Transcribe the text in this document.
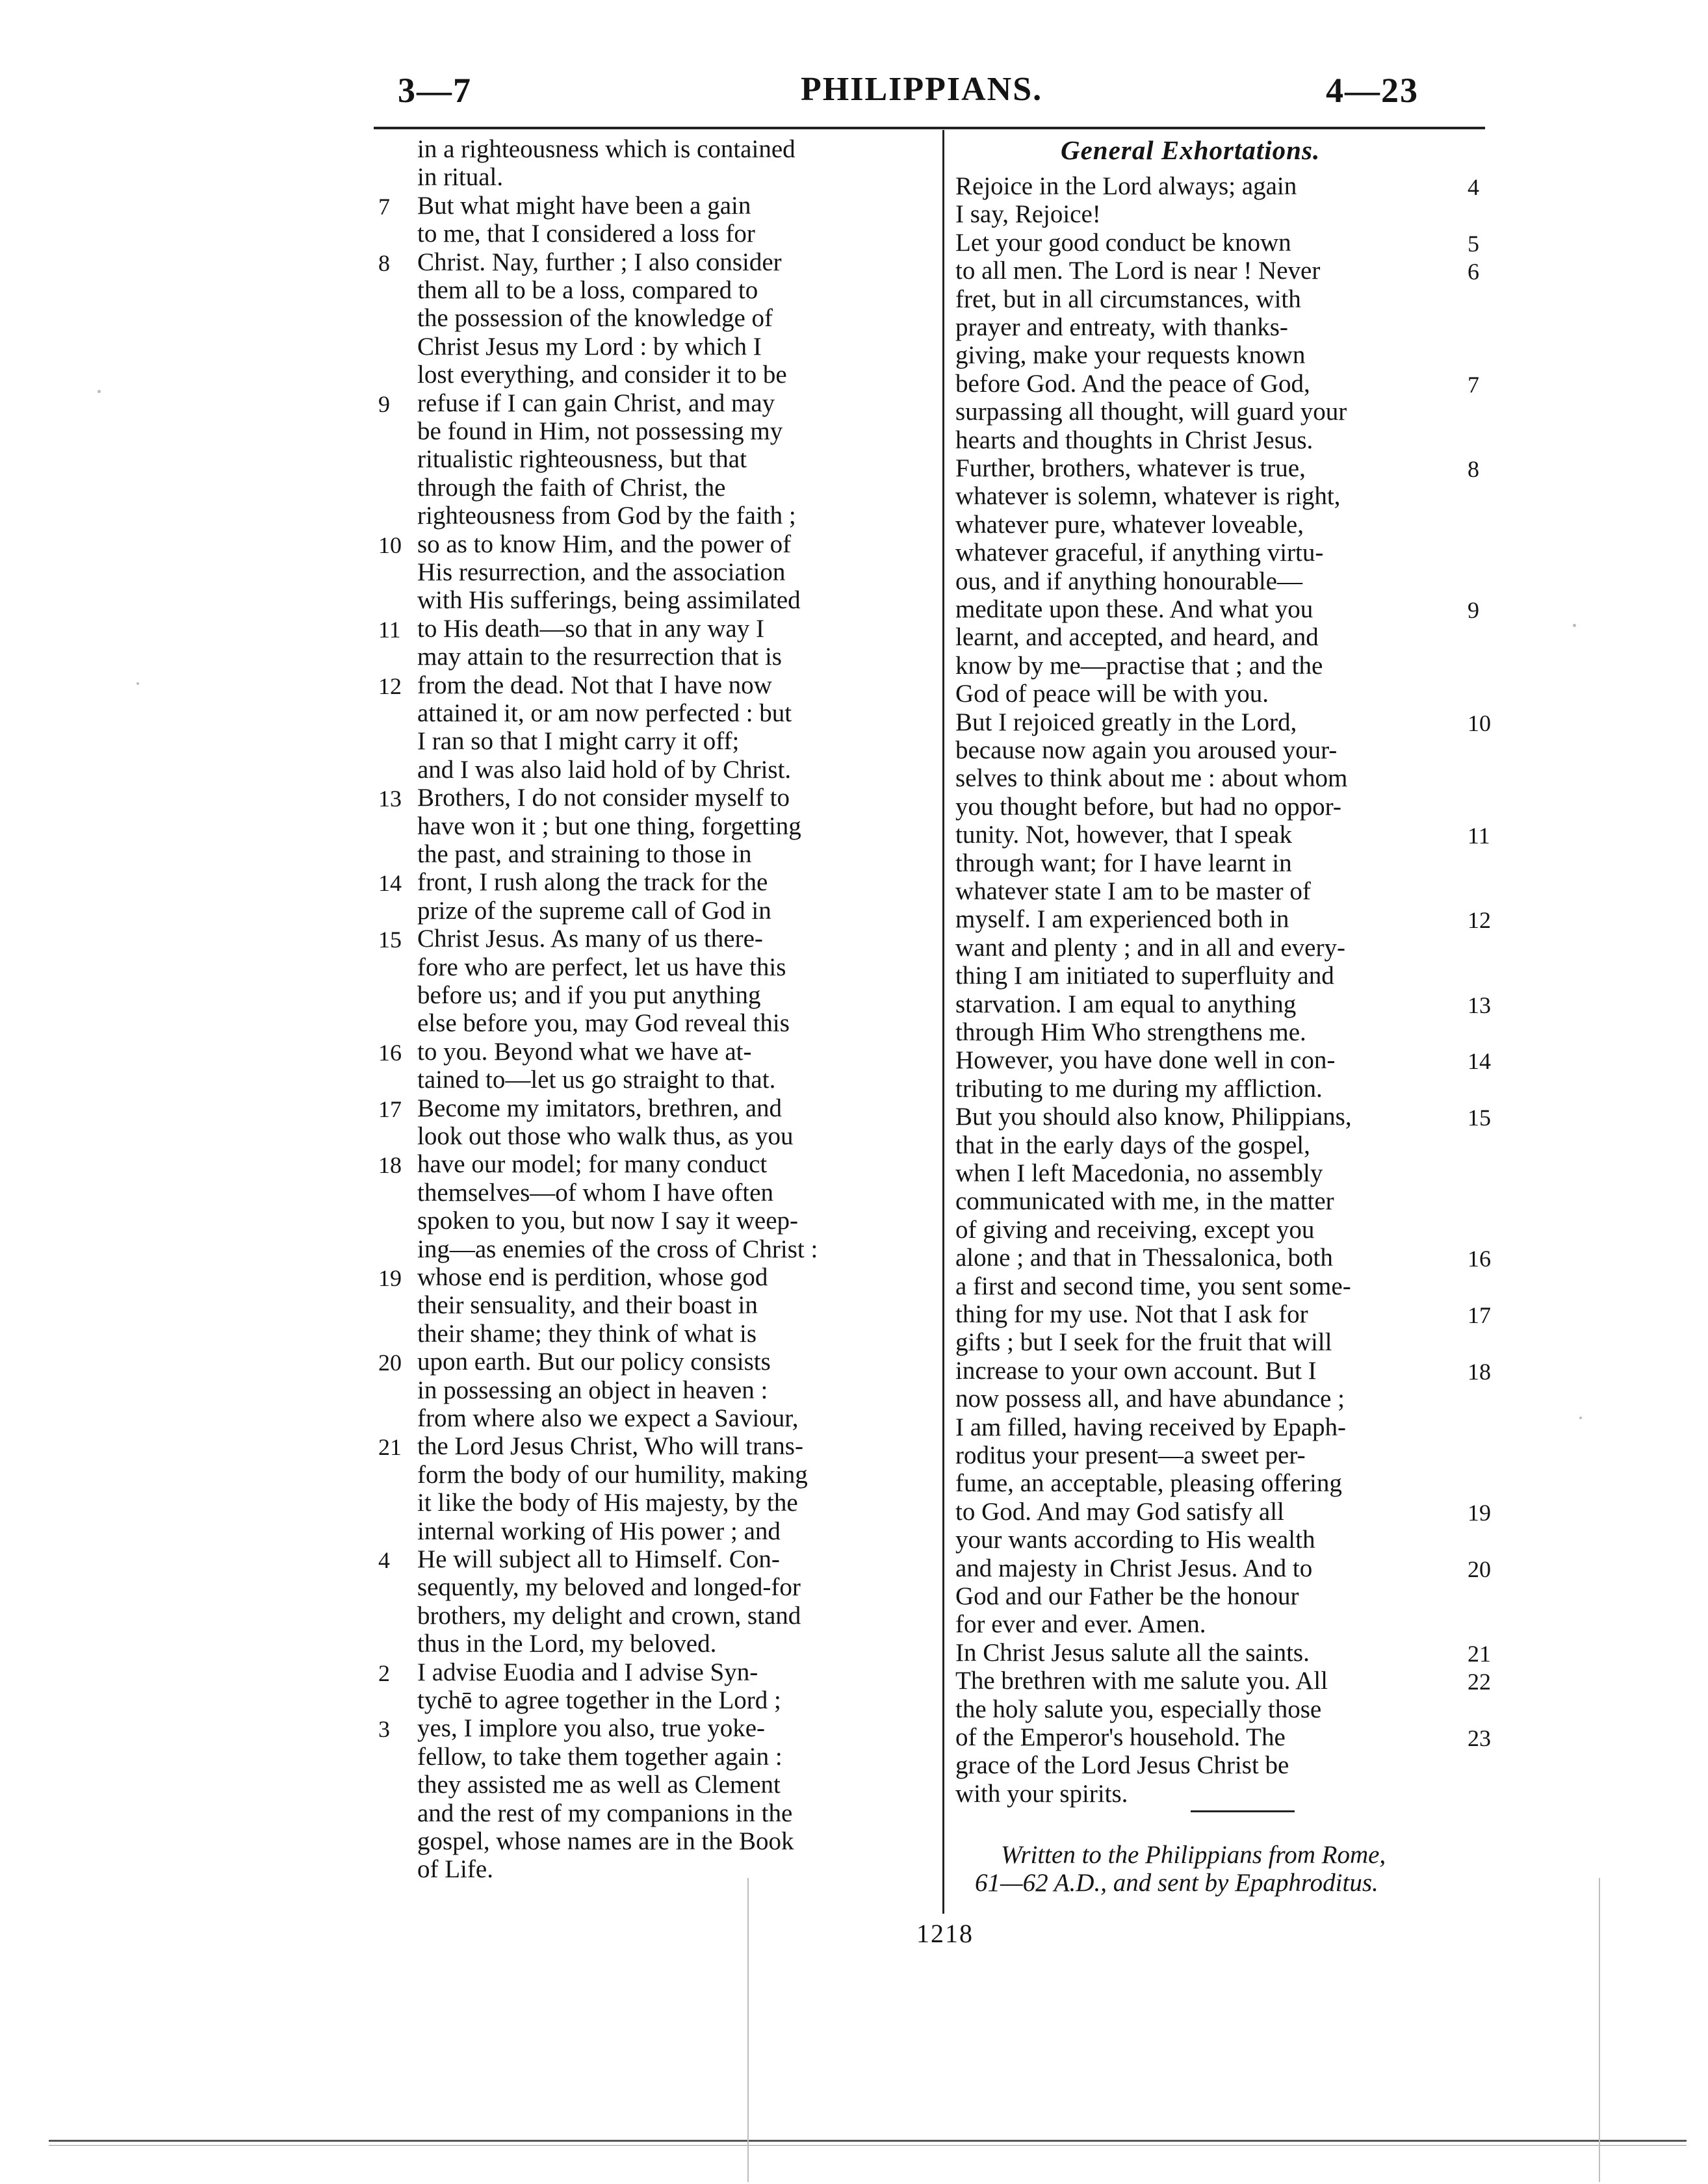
3—7	PHILIPPIANS.	4—23
in a righteousness which is contained
in ritual.
But what might have been a gain
7
to me, that I considered a loss for
Christ. Nay, further ; I also consider
8
them all to be a loss, compared to
the possession of the knowledge of
Christ Jesus my Lord : by which I
lost everything, and consider it to be
refuse if I can gain Christ, and may
9
be found in Him, not possessing my
ritualistic righteousness, but that
through the faith of Christ, the
righteousness from God by the faith ;
so as to know Him, and the power of
10
His resurrection, and the association
with His sufferings, being assimilated
to His death—so that in any way I
11
may attain to the resurrection that is
from the dead. Not that I have now
12
attained it, or am now perfected : but
I ran so that I might carry it off;
and I was also laid hold of by Christ.
Brothers, I do not consider myself to
13
have won it ; but one thing, forgetting
the past, and straining to those in
front, I rush along the track for the
14
prize of the supreme call of God in
Christ Jesus. As many of us there-
15
fore who are perfect, let us have this
before us; and if you put anything
else before you, may God reveal this
to you. Beyond what we have at-
16
tained to—let us go straight to that.
Become my imitators, brethren, and
17
look out those who walk thus, as you
have our model; for many conduct
18
themselves—of whom I have often
spoken to you, but now I say it weep-
ing—as enemies of the cross of Christ :
whose end is perdition, whose god
19
their sensuality, and their boast in
their shame; they think of what is
upon earth. But our policy consists
20
in possessing an object in heaven :
from where also we expect a Saviour,
the Lord Jesus Christ, Who will trans-
21
form the body of our humility, making
it like the body of His majesty, by the
internal working of His power ; and
He will subject all to Himself. Con-
4
sequently, my beloved and longed-for
brothers, my delight and crown, stand
thus in the Lord, my beloved.
I advise Euodia and I advise Syn-
2
tychē to agree together in the Lord ;
yes, I implore you also, true yoke-
3
fellow, to take them together again :
they assisted me as well as Clement
and the rest of my companions in the
gospel, whose names are in the Book
of Life.
General Exhortations.
Rejoice in the Lord always; again	4
I say, Rejoice!
Let your good conduct be known	5
to all men. The Lord is near ! Never	6
fret, but in all circumstances, with
prayer and entreaty, with thanks-
giving, make your requests known
before God. And the peace of God,	7
surpassing all thought, will guard your
hearts and thoughts in Christ Jesus.
Further, brothers, whatever is true,	8
whatever is solemn, whatever is right,
whatever pure, whatever loveable,
whatever graceful, if anything virtu-
ous, and if anything honourable—
meditate upon these. And what you	9
learnt, and accepted, and heard, and
know by me—practise that ; and the
God of peace will be with you.
But I rejoiced greatly in the Lord,	10
because now again you aroused your-
selves to think about me : about whom
you thought before, but had no oppor-
tunity. Not, however, that I speak	11
through want; for I have learnt in
whatever state I am to be master of
myself. I am experienced both in	12
want and plenty ; and in all and every-
thing I am initiated to superfluity and
starvation. I am equal to anything	13
through Him Who strengthens me.
However, you have done well in con-	14
tributing to me during my affliction.
But you should also know, Philippians,	15
that in the early days of the gospel,
when I left Macedonia, no assembly
communicated with me, in the matter
of giving and receiving, except you
alone ; and that in Thessalonica, both	16
a first and second time, you sent some-
thing for my use. Not that I ask for	17
gifts ; but I seek for the fruit that will
increase to your own account. But I	18
now possess all, and have abundance ;
I am filled, having received by Epaph-
roditus your present—a sweet per-
fume, an acceptable, pleasing offering
to God. And may God satisfy all	19
your wants according to His wealth
and majesty in Christ Jesus. And to	20
God and our Father be the honour
for ever and ever. Amen.
In Christ Jesus salute all the saints.	21
The brethren with me salute you. All	22
the holy salute you, especially those
of the Emperor's household. The	23
grace of the Lord Jesus Christ be
with your spirits.
Written to the Philippians from Rome,
61—62 A.D., and sent by Epaphroditus.
1218
